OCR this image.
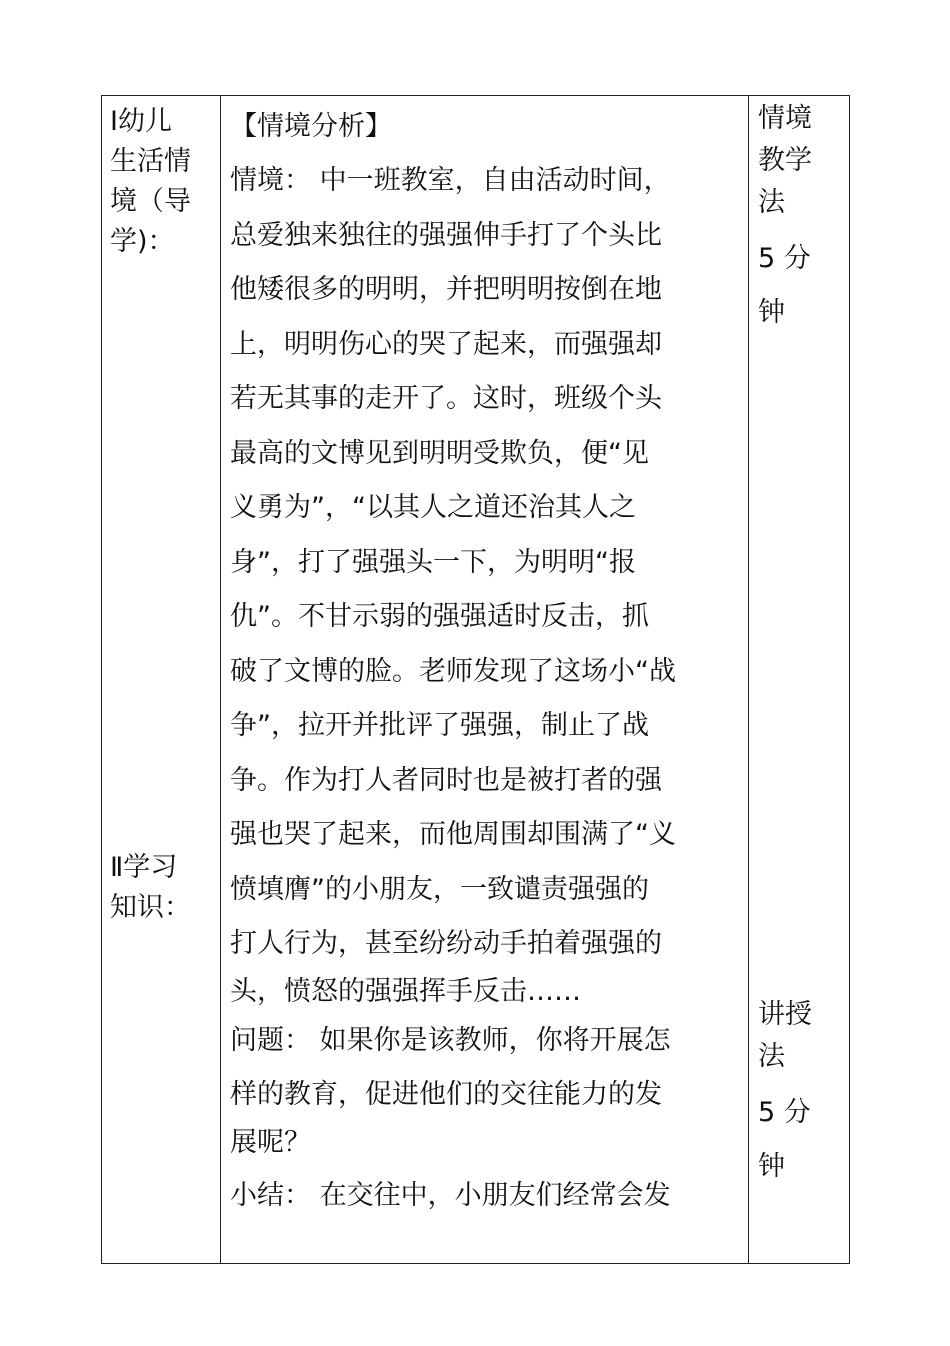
Ⅰ幼儿
生活情
境（导
学)：
Ⅱ学习
知识：
【情境分析】

情境： 中一班教室，自由活动时间，

总爱独来独往的强强伸手打了个头比

他矮很多的明明，并把明明按倒在地

上，明明伤心的哭了起来，而强强却

若无其事的走开了。这时，班级个头

最高的文博见到明明受欺负，便“见

义勇为”，“以其人之道还治其人之

身”，打了强强头一下，为明明“报

仇”。不甘示弱的强强适时反击，抓

破了文博的脸。老师发现了这场小“战

争”，拉开并批评了强强，制止了战

争。作为打人者同时也是被打者的强

强也哭了起来，而他周围却围满了“义

愤填膺”的小朋友，一致谴责强强的

打人行为，甚至纷纷动手拍着强强的

头，愤怒的强强挥手反击……

问题： 如果你是该教师，你将开展怎

样的教育，促进他们的交往能力的发

展呢？

小结： 在交往中，小朋友们经常会发

情境
教学
法
5 分
钟
讲授
法
5 分
钟
